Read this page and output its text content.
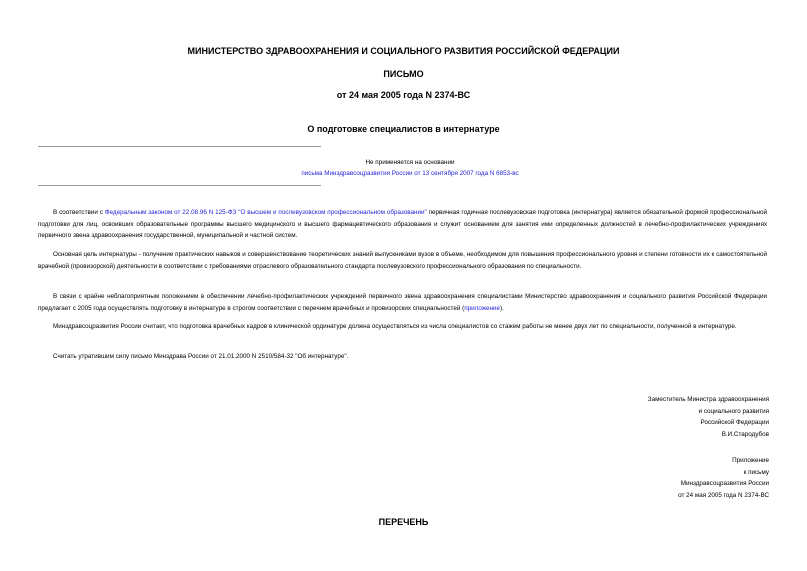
МИНИСТЕРСТВО ЗДРАВООХРАНЕНИЯ И СОЦИАЛЬНОГО РАЗВИТИЯ РОССИЙСКОЙ ФЕДЕРАЦИИ
ПИСЬМО
от 24 мая 2005 года N 2374-ВС
О подготовке специалистов в интернатуре
Не применяется на основании
письма Минздравсоцразвития России от 13 сентября 2007 года N 6853-вс

В соответствии с Федеральным законом от 22.08.96 N 125-ФЗ "О высшем и послевузовском профессиональном образовании" первичная годичная послевузовская подготовка (интернатура) является обязательной формой профессиональной подготовки для лиц, освоивших образовательные программы высшего медицинского и высшего фармацевтического образования и служит основанием для занятия ими определенных должностей в лечебно-профилактических учреждениях первичного звена здравоохранения государственной, муниципальной и частной систем.

Основная цель интернатуры - получение практических навыков и совершенствование теоретических знаний выпускниками вузов в объеме, необходимом для повышения профессионального уровня и степени готовности их к самостоятельной врачебной (провизорской) деятельности в соответствии с требованиями отраслевого образовательного стандарта послевузовского профессионального образования по специальности.

В связи с крайне неблагоприятным положением в обеспечении лечебно-профилактических учреждений первичного звена здравоохранения специалистами Министерство здравоохранения и социального развития Российской Федерации предлагает с 2005 года осуществлять подготовку в интернатуре в строгом соответствии с перечнем врачебных и провизорских специальностей (приложение).

Минздравсоцразвития России считает, что подготовка врачебных кадров в клинической ординатуре должна осуществляться из числа специалистов со стажем работы не менее двух лет по специальности, полученной в интернатуре.

Считать утратившим силу письмо Минздрава России от 21.01.2000 N 2510/584-32 "Об интернатуре".

Заместитель Министра здравоохранения
и социального развития
Российской Федерации
В.И.Стародубов
Приложение
к письму
Минздравсоцразвития России
от 24 мая 2005 года N 2374-ВС
ПЕРЕЧЕНЬ
